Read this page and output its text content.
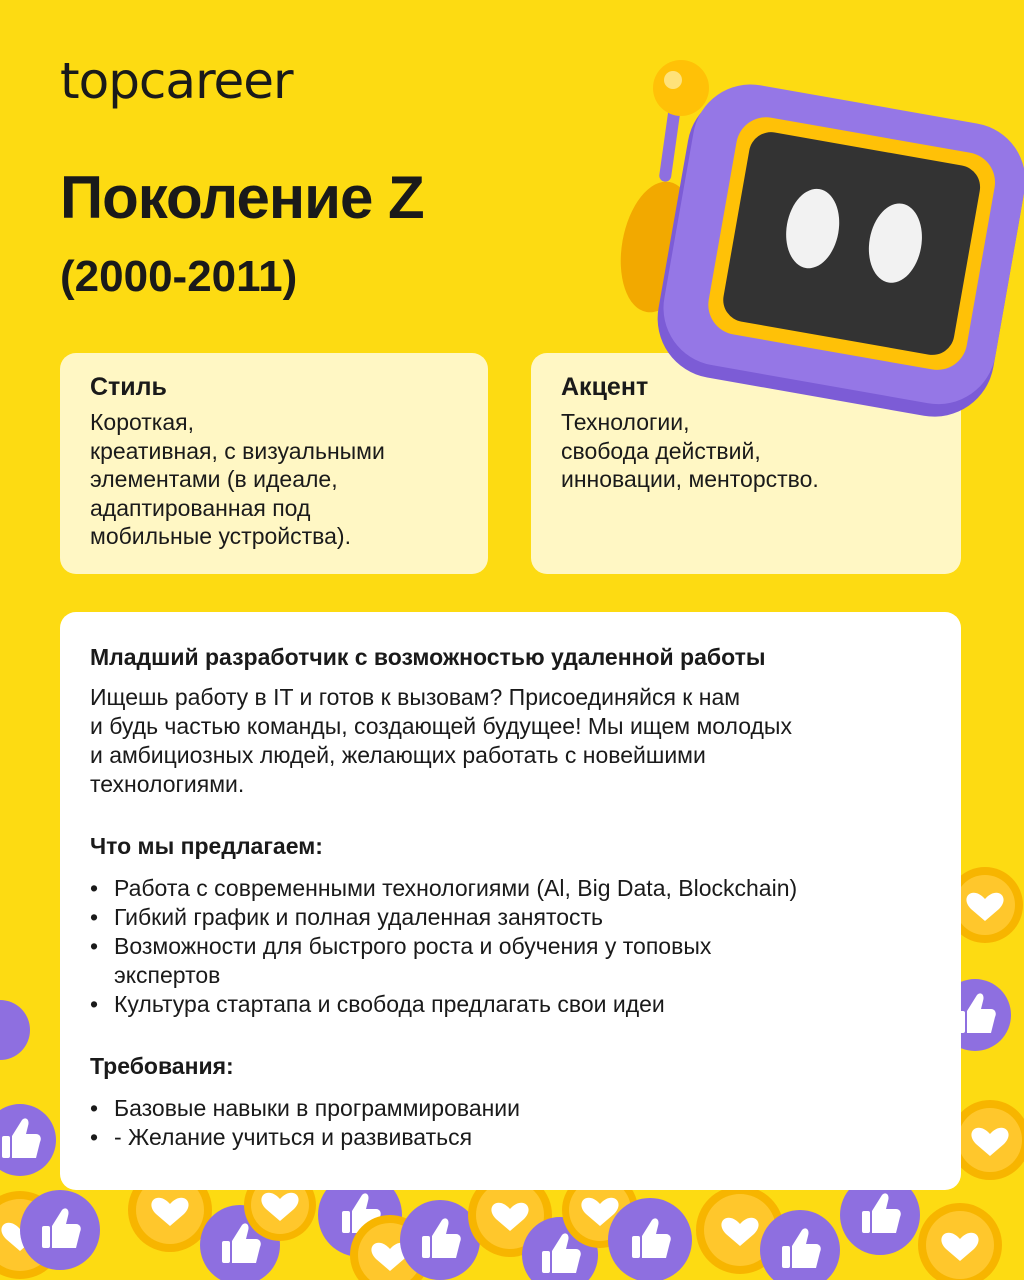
topcareer
Поколение Z
(2000-2011)
Стиль

Короткая,
креативная, с визуальными
элементами (в идеале,
адаптированная под
мобильные устройства).

Акцент

Технологии,
свобода действий,
инновации, менторство.

Младший разработчик с возможностью удаленной работы

Ищешь работу в IT и готов к вызовам? Присоединяйся к нам
и будь частью команды, создающей будущее! Мы ищем молодых
и амбициозных людей, желающих работать с новейшими
технологиями.

Что мы предлагаем:
• Работа с современными технологиями (Al, Big Data, Blockchain)
• Гибкий график и полная удаленная занятость
• Возможности для быстрого роста и обучения у топовых экспертов
• Культура стартапа и свобода предлагать свои идеи
Требования:
• Базовые навыки в программировании
• - Желание учиться и развиваться
